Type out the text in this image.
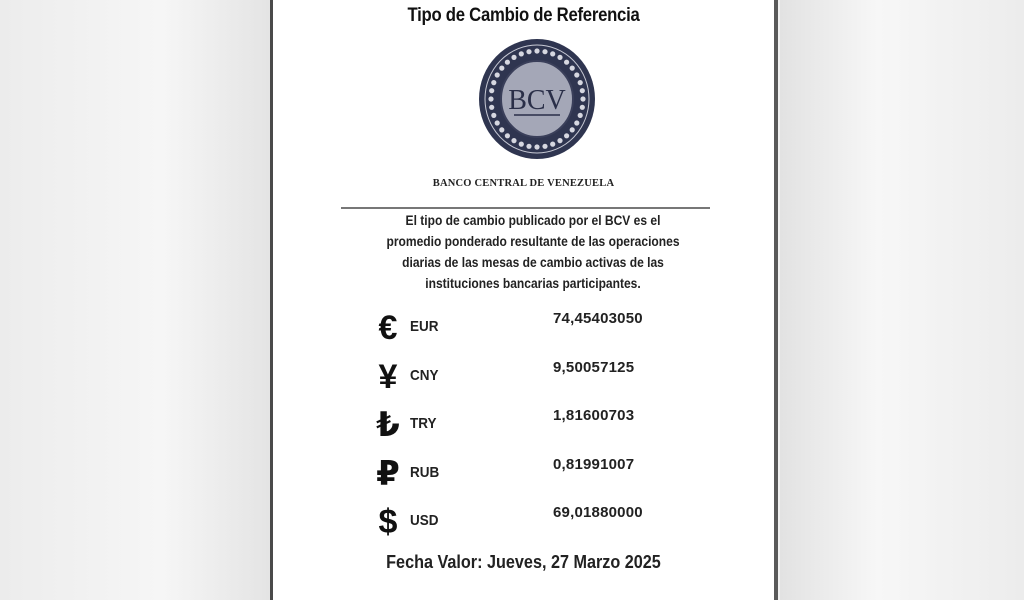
Tipo de Cambio de Referencia
BCV
BANCO CENTRAL DE VENEZUELA
El tipo de cambio publicado por el BCV es el
promedio ponderado resultante de las operaciones
diarias de las mesas de cambio activas de las
instituciones bancarias participantes.
€ EUR	74,45403050
¥ CNY	9,50057125
₺ TRY	1,81600703
₽ RUB	0,81991007
$ USD	69,01880000
Fecha Valor: Jueves, 27 Marzo 2025
